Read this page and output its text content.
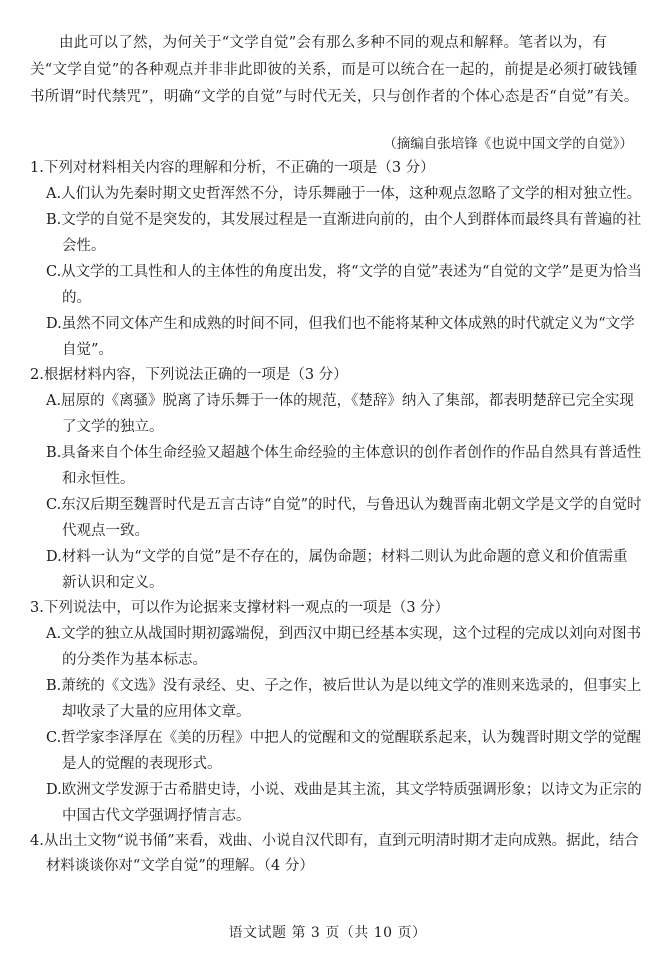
由此可以了然，为何关于“文学自觉”会有那么多种不同的观点和解释。笔者以为，有关“文学自觉”的各种观点并非非此即彼的关系，而是可以统合在一起的，前提是必须打破钱锺书所谓“时代禁咒”，明确“文学的自觉”与时代无关，只与创作者的个体心态是否“自觉”有关。

（摘编自张培锋《也说中国文学的自觉》）

1.下列对材料相关内容的理解和分析，不正确的一项是（3 分）

A.人们认为先秦时期文史哲浑然不分，诗乐舞融于一体，这种观点忽略了文学的相对独立性。

B.文学的自觉不是突发的，其发展过程是一直渐进向前的，由个人到群体而最终具有普遍的社会性。

C.从文学的工具性和人的主体性的角度出发，将“文学的自觉”表述为“自觉的文学”是更为恰当的。

D.虽然不同文体产生和成熟的时间不同，但我们也不能将某种文体成熟的时代就定义为“文学自觉”。

2.根据材料内容，下列说法正确的一项是（3 分）

A.屈原的《离骚》脱离了诗乐舞于一体的规范，《楚辞》纳入了集部，都表明楚辞已完全实现了文学的独立。

B.具备来自个体生命经验又超越个体生命经验的主体意识的创作者创作的作品自然具有普适性和永恒性。

C.东汉后期至魏晋时代是五言古诗“自觉”的时代，与鲁迅认为魏晋南北朝文学是文学的自觉时代观点一致。

D.材料一认为“文学的自觉”是不存在的，属伪命题；材料二则认为此命题的意义和价值需重新认识和定义。

3.下列说法中，可以作为论据来支撑材料一观点的一项是（3 分）

A.文学的独立从战国时期初露端倪，到西汉中期已经基本实现，这个过程的完成以刘向对图书的分类作为基本标志。

B.萧统的《文选》没有录经、史、子之作，被后世认为是以纯文学的准则来选录的，但事实上却收录了大量的应用体文章。

C.哲学家李泽厚在《美的历程》中把人的觉醒和文的觉醒联系起来，认为魏晋时期文学的觉醒是人的觉醒的表现形式。

D.欧洲文学发源于古希腊史诗，小说、戏曲是其主流，其文学特质强调形象；以诗文为正宗的中国古代文学强调抒情言志。

4.从出土文物“说书俑”来看，戏曲、小说自汉代即有，直到元明清时期才走向成熟。据此，结合材料谈谈你对“文学自觉”的理解。（4 分）

语文试题 第 3 页（共 10 页）
